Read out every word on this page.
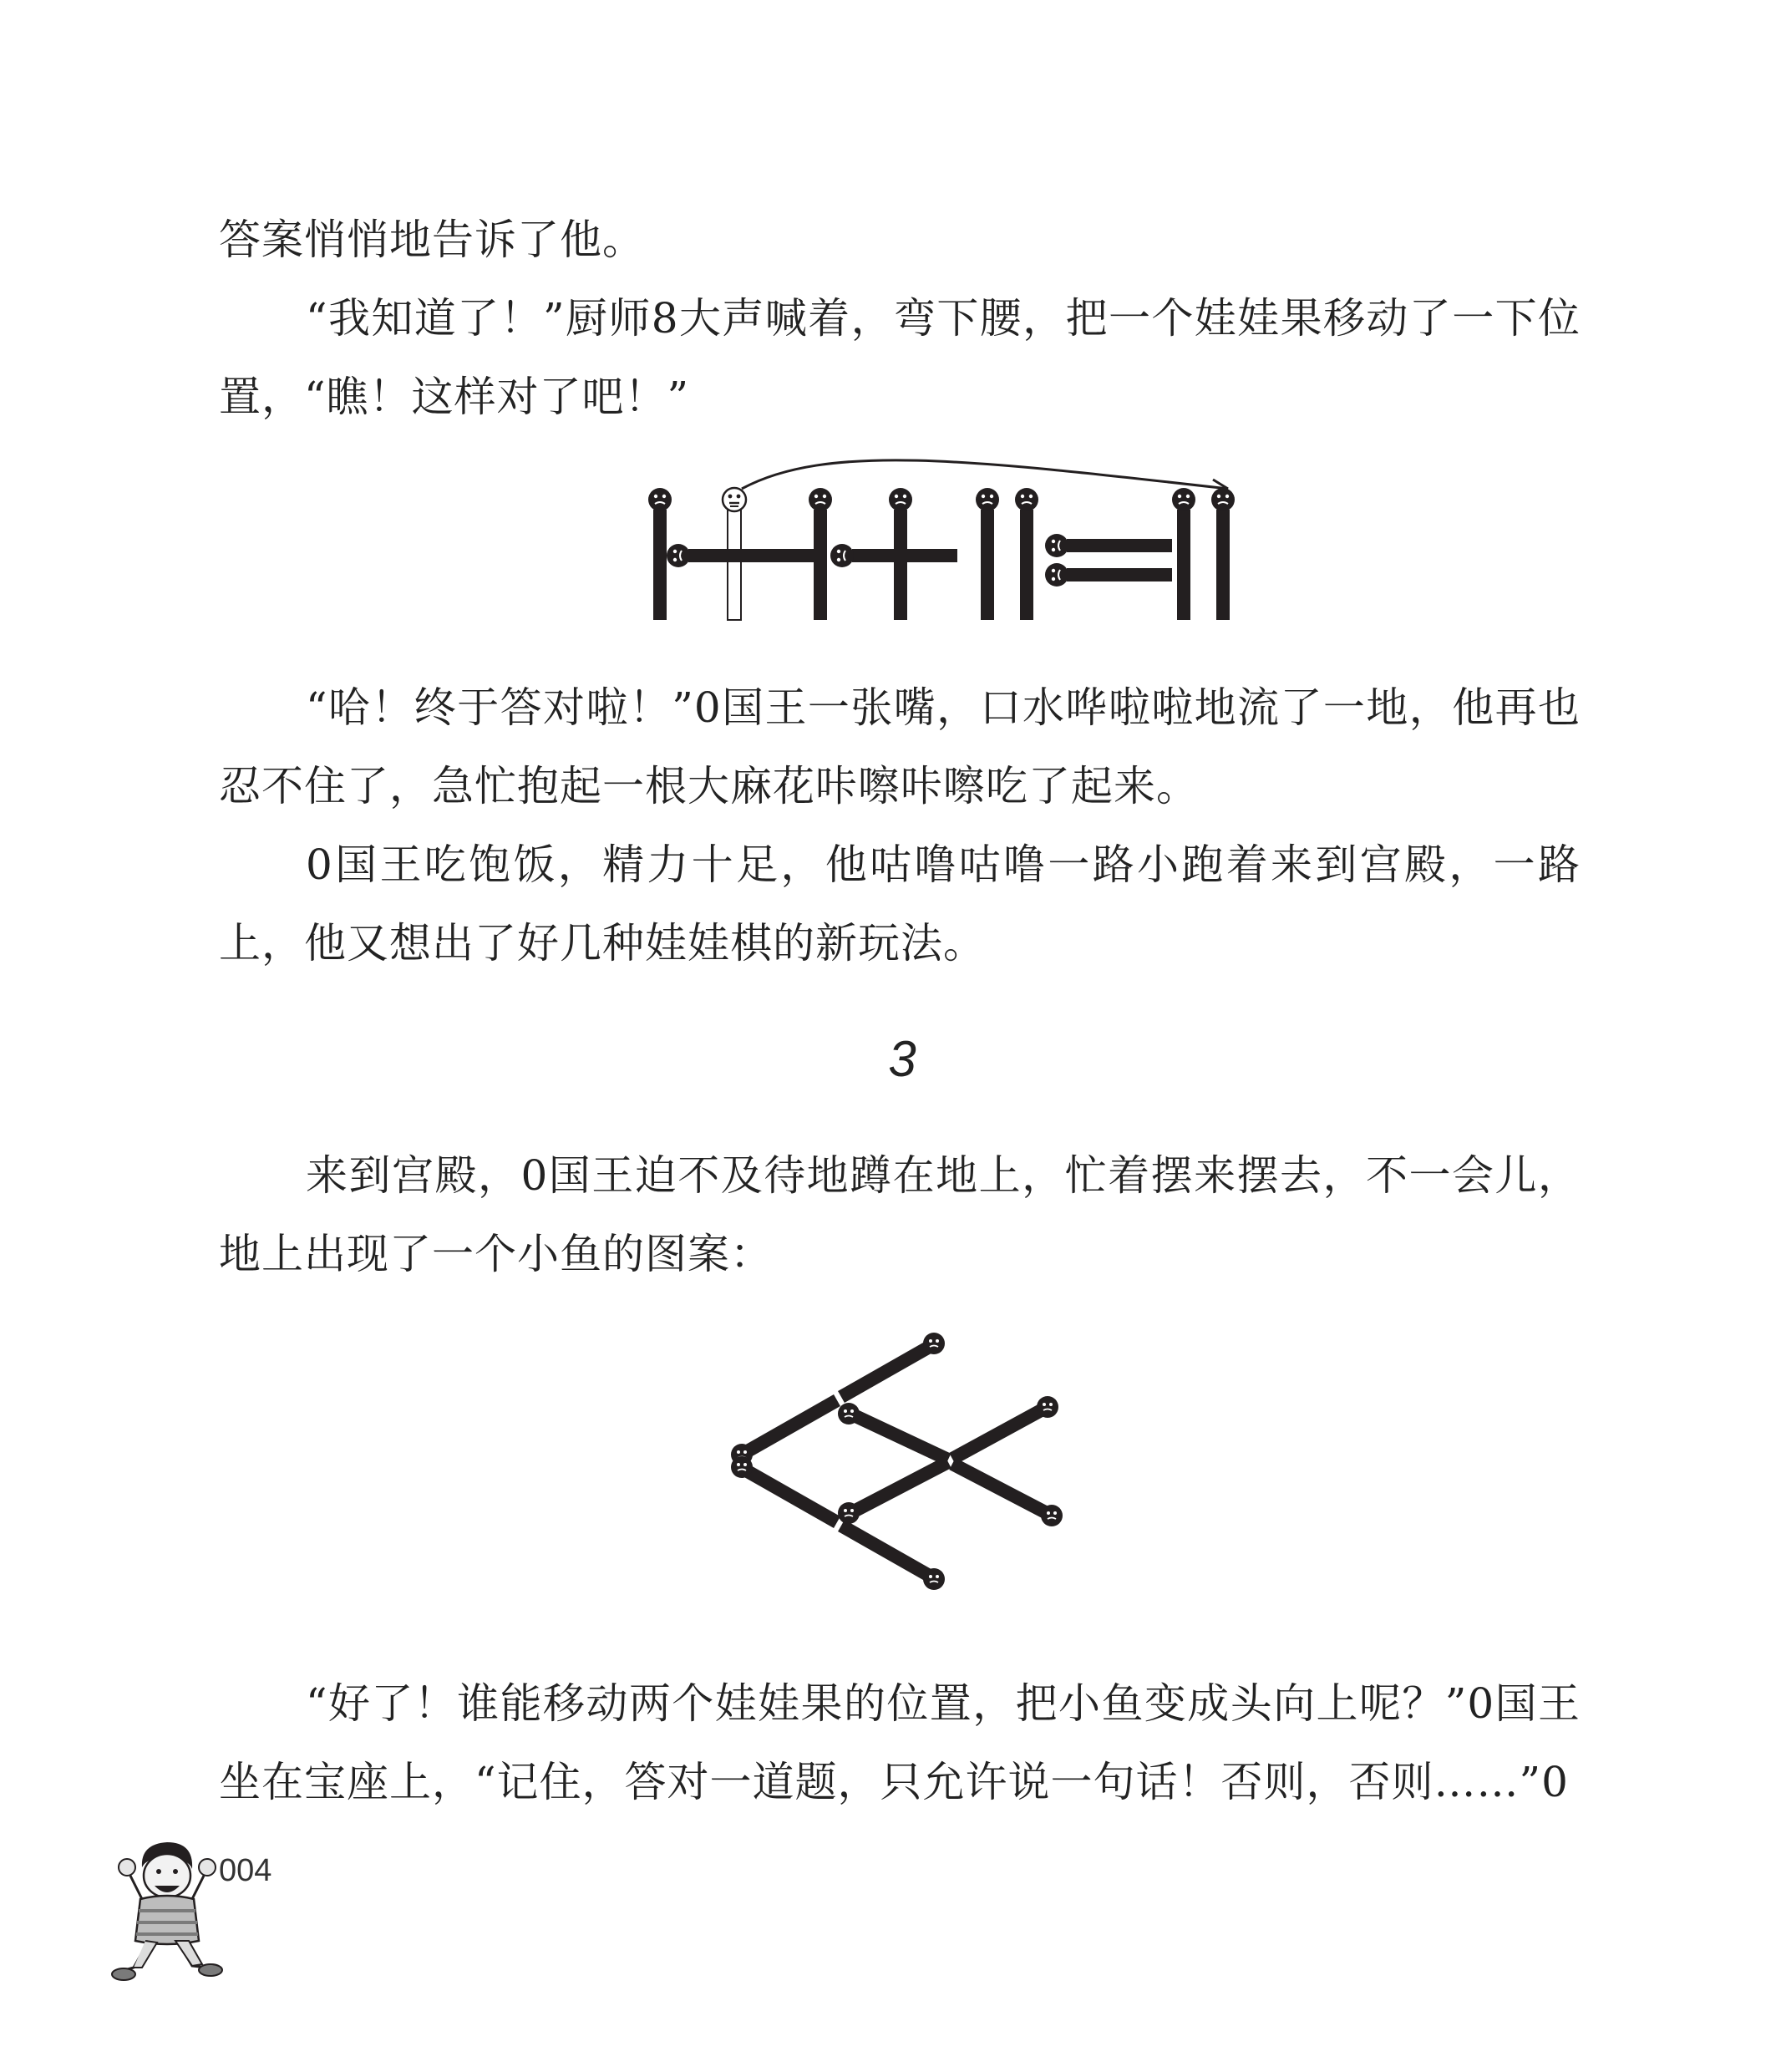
答案悄悄地告诉了他。

“我知道了！”厨师8大声喊着，弯下腰，把一个娃娃果移动了一下位置，“瞧！这样对了吧！”

“哈！终于答对啦！”0国王一张嘴，口水哗啦啦地流了一地，他再也忍不住了，急忙抱起一根大麻花咔嚓咔嚓吃了起来。

0国王吃饱饭，精力十足，他咕噜咕噜一路小跑着来到宫殿，一路上，他又想出了好几种娃娃棋的新玩法。

3

来到宫殿，0国王迫不及待地蹲在地上，忙着摆来摆去，不一会儿，地上出现了一个小鱼的图案：

“好了！谁能移动两个娃娃果的位置，把小鱼变成头向上呢？”0国王坐在宝座上，“记住，答对一道题，只允许说一句话！否则，否则……”0

004
